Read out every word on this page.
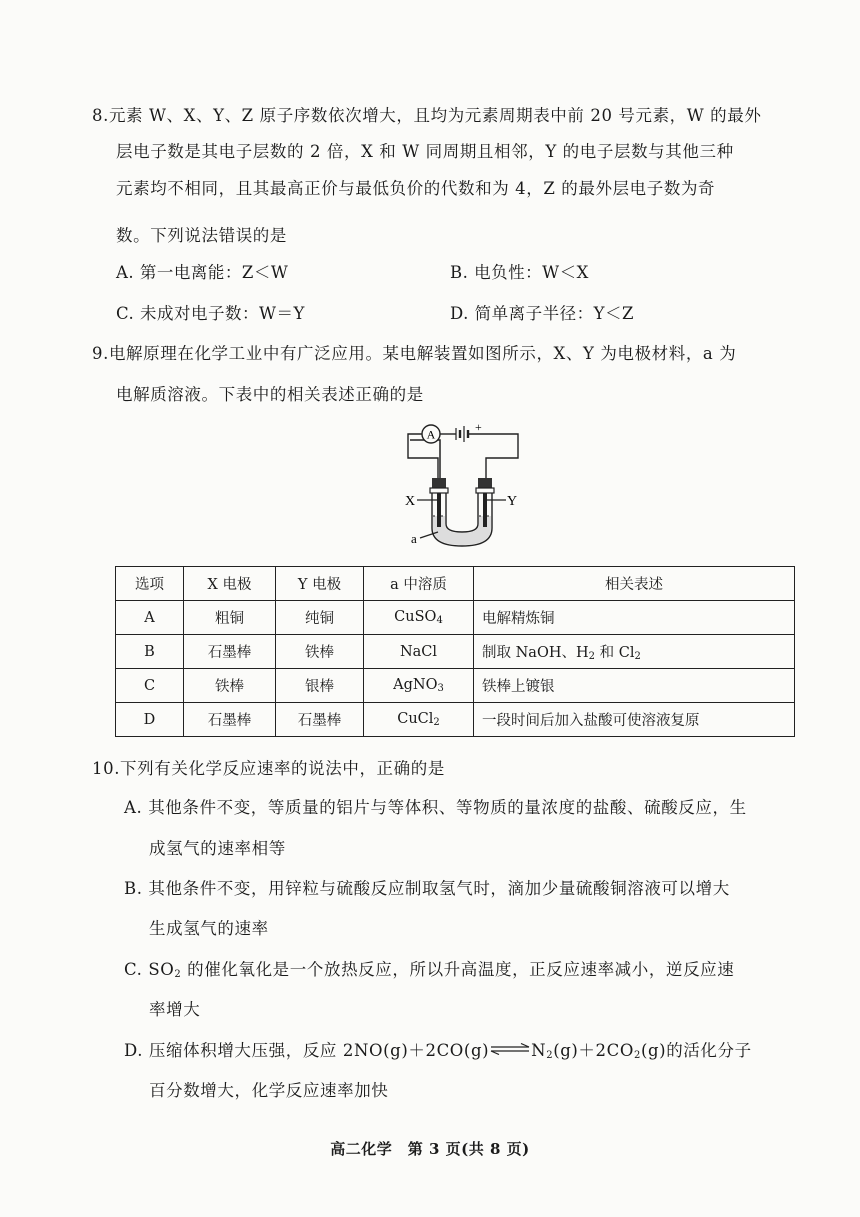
8.元素 W、X、Y、Z 原子序数依次增大，且均为元素周期表中前 20 号元素，W 的最外
层电子数是其电子层数的 2 倍，X 和 W 同周期且相邻，Y 的电子层数与其他三种
元素均不相同，且其最高正价与最低负价的代数和为 4，Z 的最外层电子数为奇
数。下列说法错误的是
A. 第一电离能：Z＜W	B. 电负性：W＜X
C. 未成对电子数：W＝Y	D. 简单离子半径：Y＜Z
9.电解原理在化学工业中有广泛应用。某电解装置如图所示，X、Y 为电极材料，a 为
电解质溶液。下表中的相关表述正确的是
A
+
X	Y
a
选项	X 电极	Y 电极	a 中溶质	相关表述
A	粗铜	纯铜	CuSO$_4$	电解精炼铜
B	石墨棒	铁棒	NaCl	制取 NaOH、$H_2$ 和 $Cl_2$
C	铁棒	银棒	AgNO$_3$	铁棒上镀银
D	石墨棒	石墨棒	CuCl$_2$	一段时间后加入盐酸可使溶液复原
10.下列有关化学反应速率的说法中，正确的是
A. 其他条件不变，等质量的铝片与等体积、等物质的量浓度的盐酸、硫酸反应，生
成氢气的速率相等
B. 其他条件不变，用锌粒与硫酸反应制取氢气时，滴加少量硫酸铜溶液可以增大
生成氢气的速率
C. $SO_2$ 的催化氧化是一个放热反应，所以升高温度，正反应速率减小，逆反应速
率增大
D. 压缩体积增大压强，反应 $2NO(g)+2CO(g)\rightleftharpoons N_2(g)+2CO_2(g)$的活化分子
百分数增大，化学反应速率加快
高二化学　第 3 页(共 8 页)
